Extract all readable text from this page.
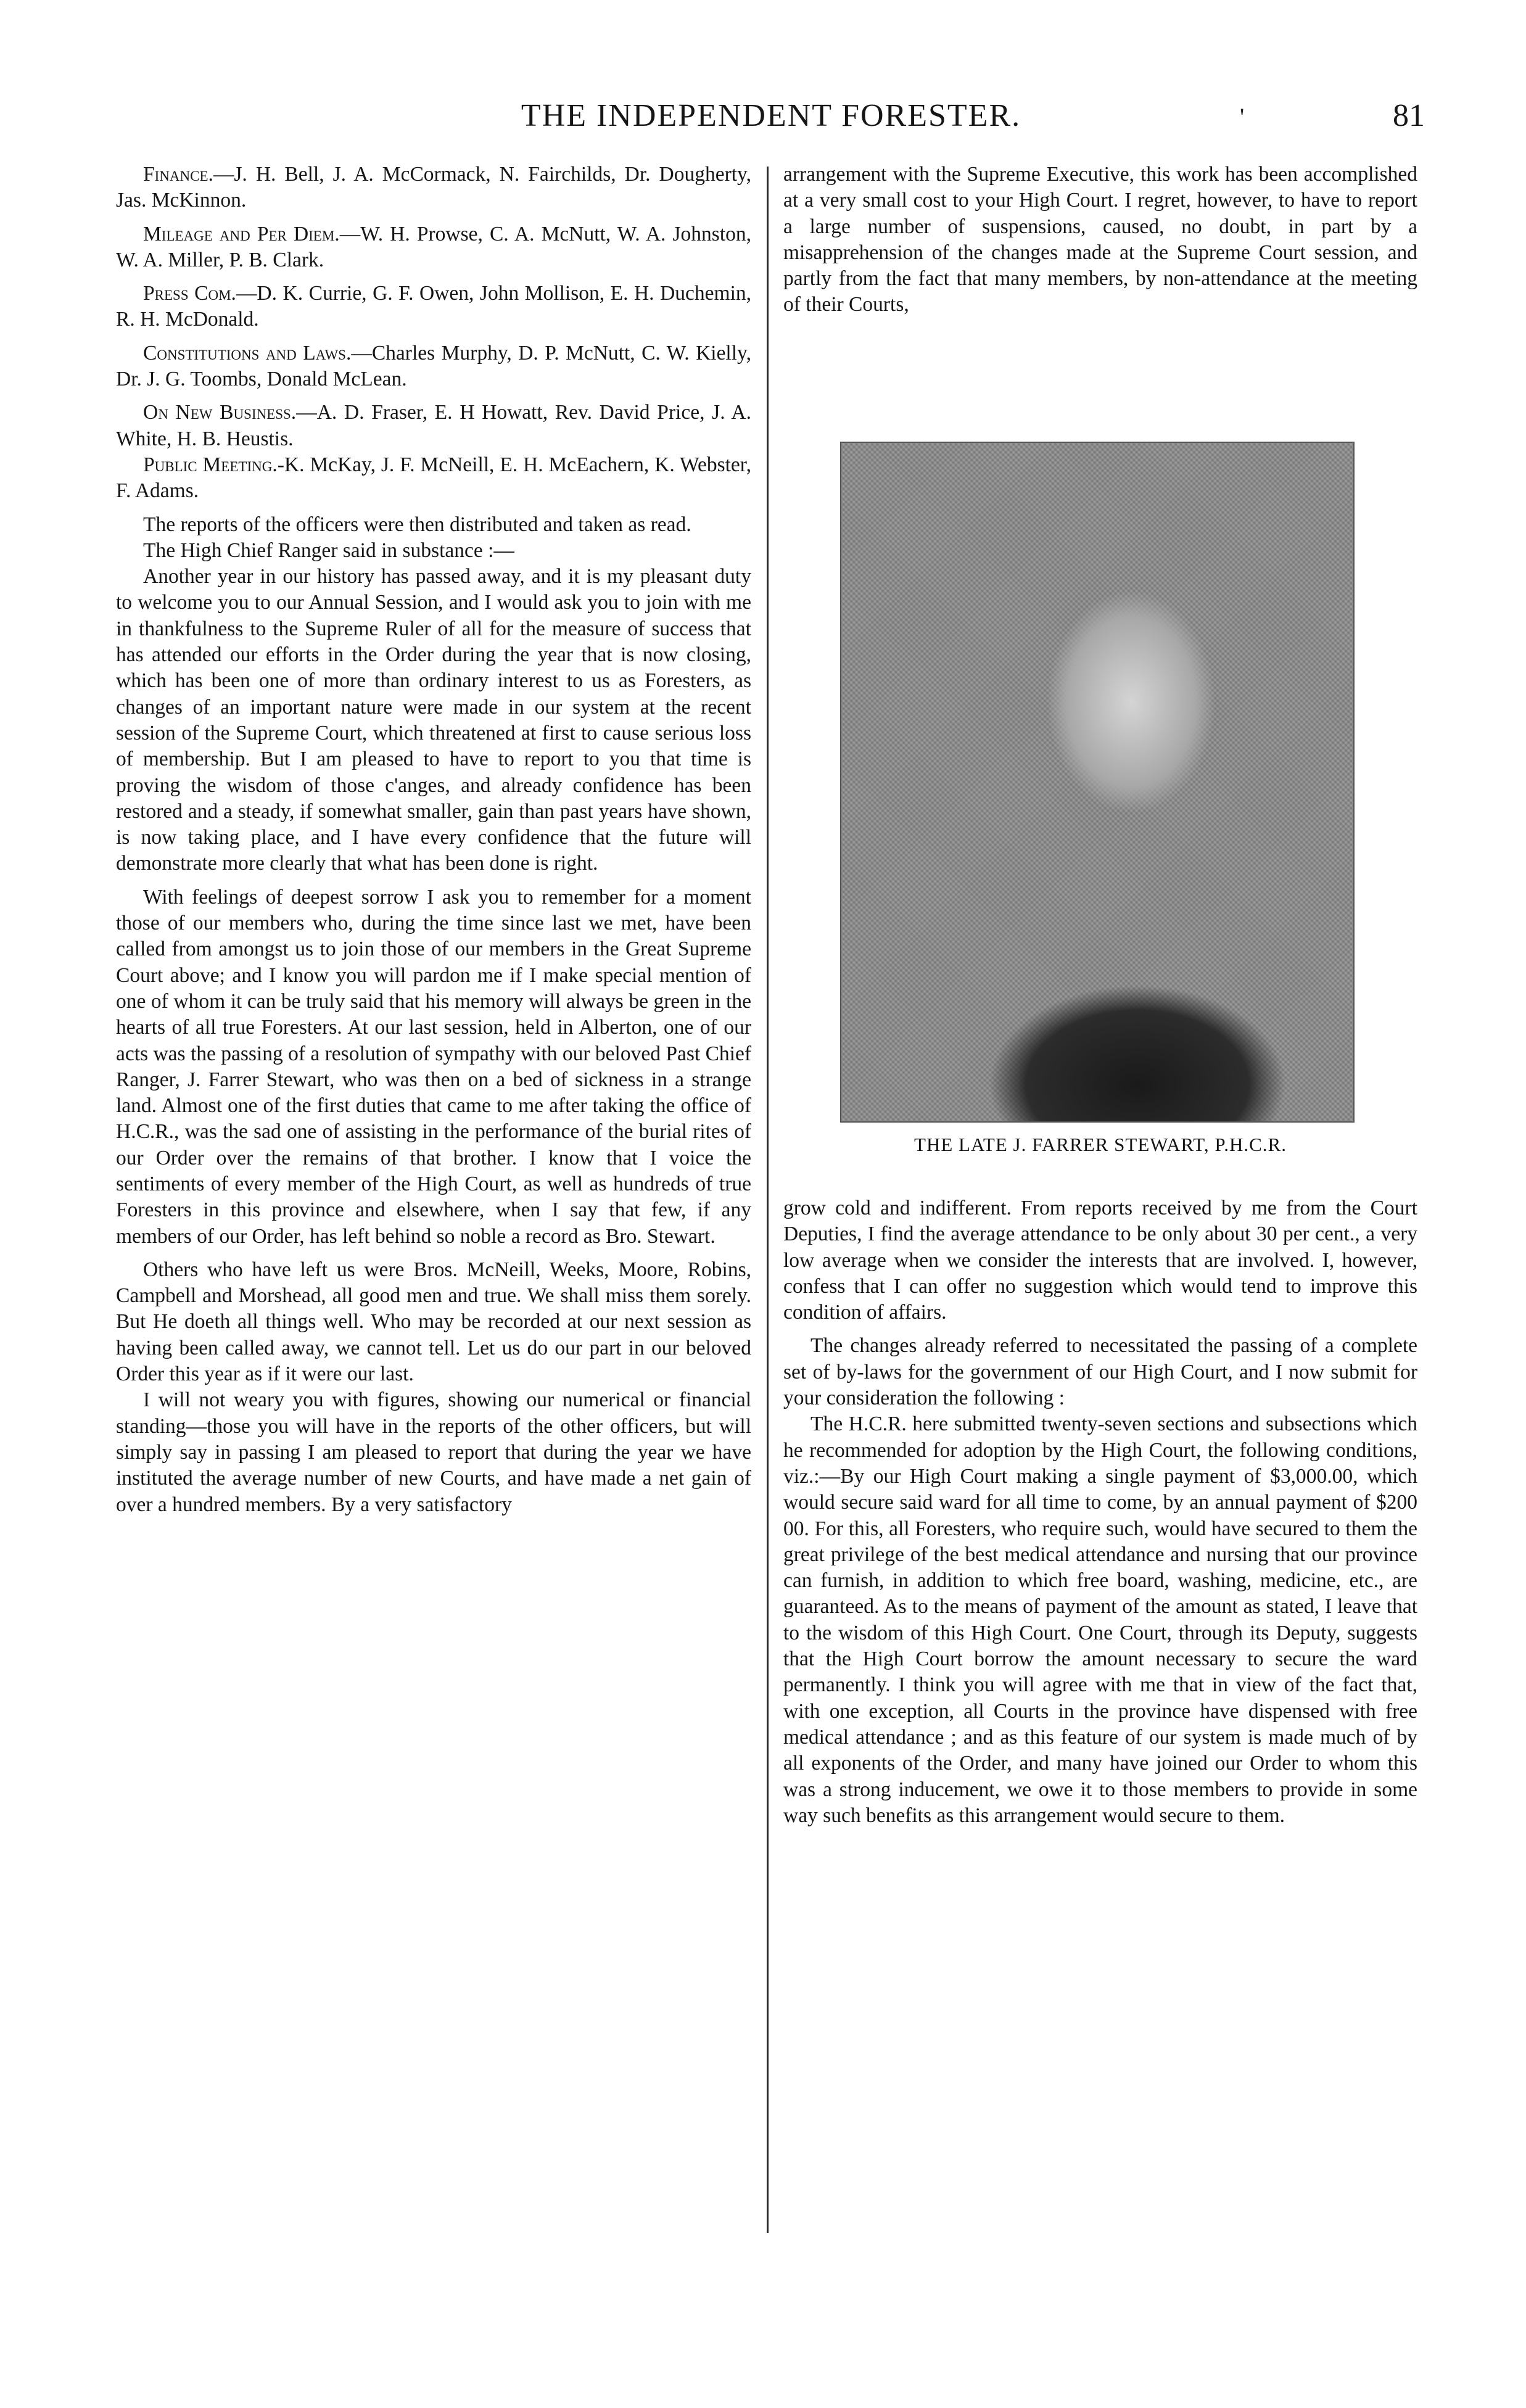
THE INDEPENDENT FORESTER.	'	81

Finance.—J. H. Bell, J. A. McCormack, N. Fairchilds, Dr. Dougherty, Jas. McKinnon.

Mileage and Per Diem.—W. H. Prowse, C. A. McNutt, W. A. Johnston, W. A. Miller, P. B. Clark.

Press Com.—D. K. Currie, G. F. Owen, John Mollison, E. H. Duchemin, R. H. McDonald.

Constitutions and Laws.—Charles Murphy, D. P. McNutt, C. W. Kielly, Dr. J. G. Toombs, Donald McLean.

On New Business.—A. D. Fraser, E. H Howatt, Rev. David Price, J. A. White, H. B. Heustis.

Public Meeting.-K. McKay, J. F. McNeill, E. H. McEachern, K. Webster, F. Adams.

The reports of the officers were then distributed and taken as read.

The High Chief Ranger said in substance :—

Another year in our history has passed away, and it is my pleasant duty to welcome you to our Annual Session, and I would ask you to join with me in thankfulness to the Supreme Ruler of all for the measure of success that has attended our efforts in the Order during the year that is now closing, which has been one of more than ordinary interest to us as Foresters, as changes of an important nature were made in our system at the recent session of the Supreme Court, which threatened at first to cause serious loss of membership. But I am pleased to have to report to you that time is proving the wisdom of those c'anges, and already confidence has been restored and a steady, if somewhat smaller, gain than past years have shown, is now taking place, and I have every confidence that the future will demonstrate more clearly that what has been done is right.

With feelings of deepest sorrow I ask you to remember for a moment those of our members who, during the time since last we met, have been called from amongst us to join those of our members in the Great Supreme Court above; and I know you will pardon me if I make special mention of one of whom it can be truly said that his memory will always be green in the hearts of all true Foresters. At our last session, held in Alberton, one of our acts was the passing of a resolution of sympathy with our beloved Past Chief Ranger, J. Farrer Stewart, who was then on a bed of sickness in a strange land. Almost one of the first duties that came to me after taking the office of H.C.R., was the sad one of assisting in the performance of the burial rites of our Order over the remains of that brother. I know that I voice the sentiments of every member of the High Court, as well as hundreds of true Foresters in this province and elsewhere, when I say that few, if any members of our Order, has left behind so noble a record as Bro. Stewart.

Others who have left us were Bros. McNeill, Weeks, Moore, Robins, Campbell and Morshead, all good men and true. We shall miss them sorely. But He doeth all things well. Who may be recorded at our next session as having been called away, we cannot tell. Let us do our part in our beloved Order this year as if it were our last.

I will not weary you with figures, showing our numerical or financial standing—those you will have in the reports of the other officers, but will simply say in passing I am pleased to report that during the year we have instituted the average number of new Courts, and have made a net gain of over a hundred members. By a very satisfactory

arrangement with the Supreme Executive, this work has been accomplished at a very small cost to your High Court. I regret, however, to have to report a large number of suspensions, caused, no doubt, in part by a misapprehension of the changes made at the Supreme Court session, and partly from the fact that many members, by non-attendance at the meeting of their Courts,

THE LATE J. FARRER STEWART, P.H.C.R.

grow cold and indifferent. From reports received by me from the Court Deputies, I find the average attendance to be only about 30 per cent., a very low average when we consider the interests that are involved. I, however, confess that I can offer no suggestion which would tend to improve this condition of affairs.

The changes already referred to necessitated the passing of a complete set of by-laws for the government of our High Court, and I now submit for your consideration the following :

The H.C.R. here submitted twenty-seven sections and subsections which he recommended for adoption by the High Court, the following conditions, viz.:—By our High Court making a single payment of $3,000.00, which would secure said ward for all time to come, by an annual payment of $200 00. For this, all Foresters, who require such, would have secured to them the great privilege of the best medical attendance and nursing that our province can furnish, in addition to which free board, washing, medicine, etc., are guaranteed. As to the means of payment of the amount as stated, I leave that to the wisdom of this High Court. One Court, through its Deputy, suggests that the High Court borrow the amount necessary to secure the ward permanently. I think you will agree with me that in view of the fact that, with one exception, all Courts in the province have dispensed with free medical attendance ; and as this feature of our system is made much of by all exponents of the Order, and many have joined our Order to whom this was a strong inducement, we owe it to those members to provide in some way such benefits as this arrangement would secure to them.
